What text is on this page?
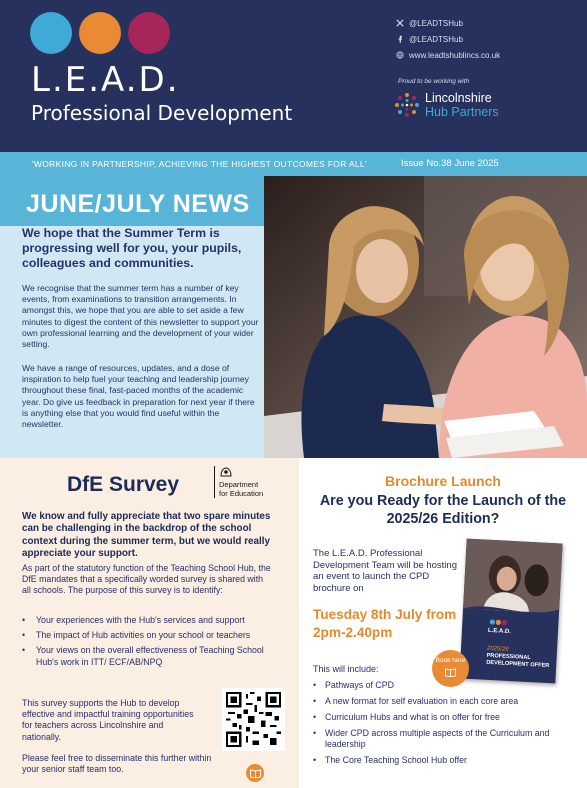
L.E.A.D.
Professional Development
@LEADTSHub
@LEADTSHub
www.leadtshublincs.co.uk
Proud to be working with
Lincolnshire
Hub Partners
'WORKING IN PARTNERSHIP, ACHIEVING THE HIGHEST OUTCOMES FOR ALL'	Issue No.38 June 2025
JUNE/JULY NEWS
We hope that the Summer Term is progressing well for you, your pupils, colleagues and communities.
We recognise that the summer term has a number of key events, from examinations to transition arrangements. In amongst this, we hope that you are able to set aside a few minutes to digest the content of this newsletter to support your own professional learning and the development of your wider setting.
We have a range of resources, updates, and a dose of inspiration to help fuel your teaching and leadership journey throughout these final, fast-paced months of the academic year. Do give us feedback in preparation for next year if there is anything else that you would find useful within the newsletter.
DfE Survey	Department
for Education
We know and fully appreciate that two spare minutes can be challenging in the backdrop of the school context during the summer term, but we would really appreciate your support.
As part of the statutory function of the Teaching School Hub, the DfE mandates that a specifically worded survey is shared with all schools. The purpose of this survey is to identify:
• Your experiences with the Hub's services and support
• The impact of Hub activities on your school or teachers
• Your views on the overall effectiveness of Teaching School Hub's work in ITT/ ECF/AB/NPQ
This survey supports the Hub to develop effective and impactful training opportunities for teachers across Lincolnshire and nationally.
Please feel free to disseminate this further within your senior staff team too.
Brochure Launch
Are you Ready for the Launch of the 2025/26 Edition?
The L.E.A.D. Professional Development Team will be hosting an event to launch the CPD brochure on
Tuesday 8th July from 2pm-2.40pm	L.E.A.D.
2025/26
PROFESSIONAL DEVELOPMENT OFFER
Book here
This will include:
• Pathways of CPD
• A new format for self evaluation in each core area
• Curriculum Hubs and what is on offer for free
• Wider CPD across multiple aspects of the Curriculum and leadership
• The Core Teaching School Hub offer
